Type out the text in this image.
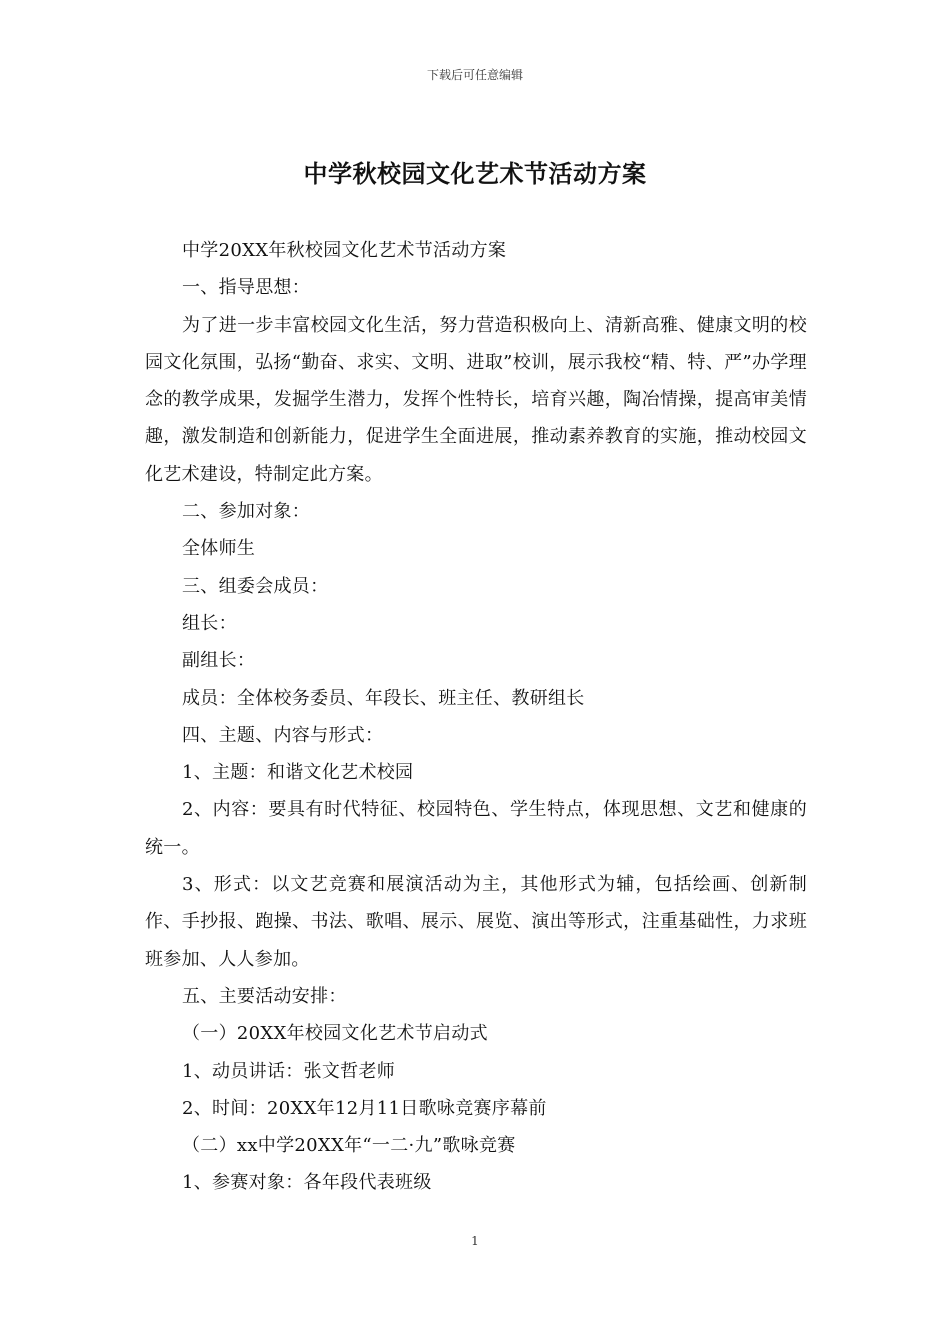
下载后可任意编辑
中学秋校园文化艺术节活动方案

中学20XX年秋校园文化艺术节活动方案

一、指导思想：

为了进一步丰富校园文化生活，努力营造积极向上、清新高雅、健康文明的校园文化氛围，弘扬“勤奋、求实、文明、进取”校训，展示我校“精、特、严”办学理念的教学成果，发掘学生潜力，发挥个性特长，培育兴趣，陶冶情操，提高审美情趣，激发制造和创新能力，促进学生全面进展，推动素养教育的实施，推动校园文化艺术建设，特制定此方案。

二、参加对象：

全体师生

三、组委会成员：

组长：

副组长：

成员：全体校务委员、年段长、班主任、教研组长

四、主题、内容与形式：

1、主题：和谐文化艺术校园

2、内容：要具有时代特征、校园特色、学生特点，体现思想、文艺和健康的统一。

3、形式：以文艺竞赛和展演活动为主，其他形式为辅，包括绘画、创新制作、手抄报、跑操、书法、歌唱、展示、展览、演出等形式，注重基础性，力求班班参加、人人参加。

五、主要活动安排：

（一）20XX年校园文化艺术节启动式

1、动员讲话：张文哲老师

2、时间：20XX年12月11日歌咏竞赛序幕前

（二）xx中学20XX年“一二·九”歌咏竞赛

1、参赛对象：各年段代表班级

1
